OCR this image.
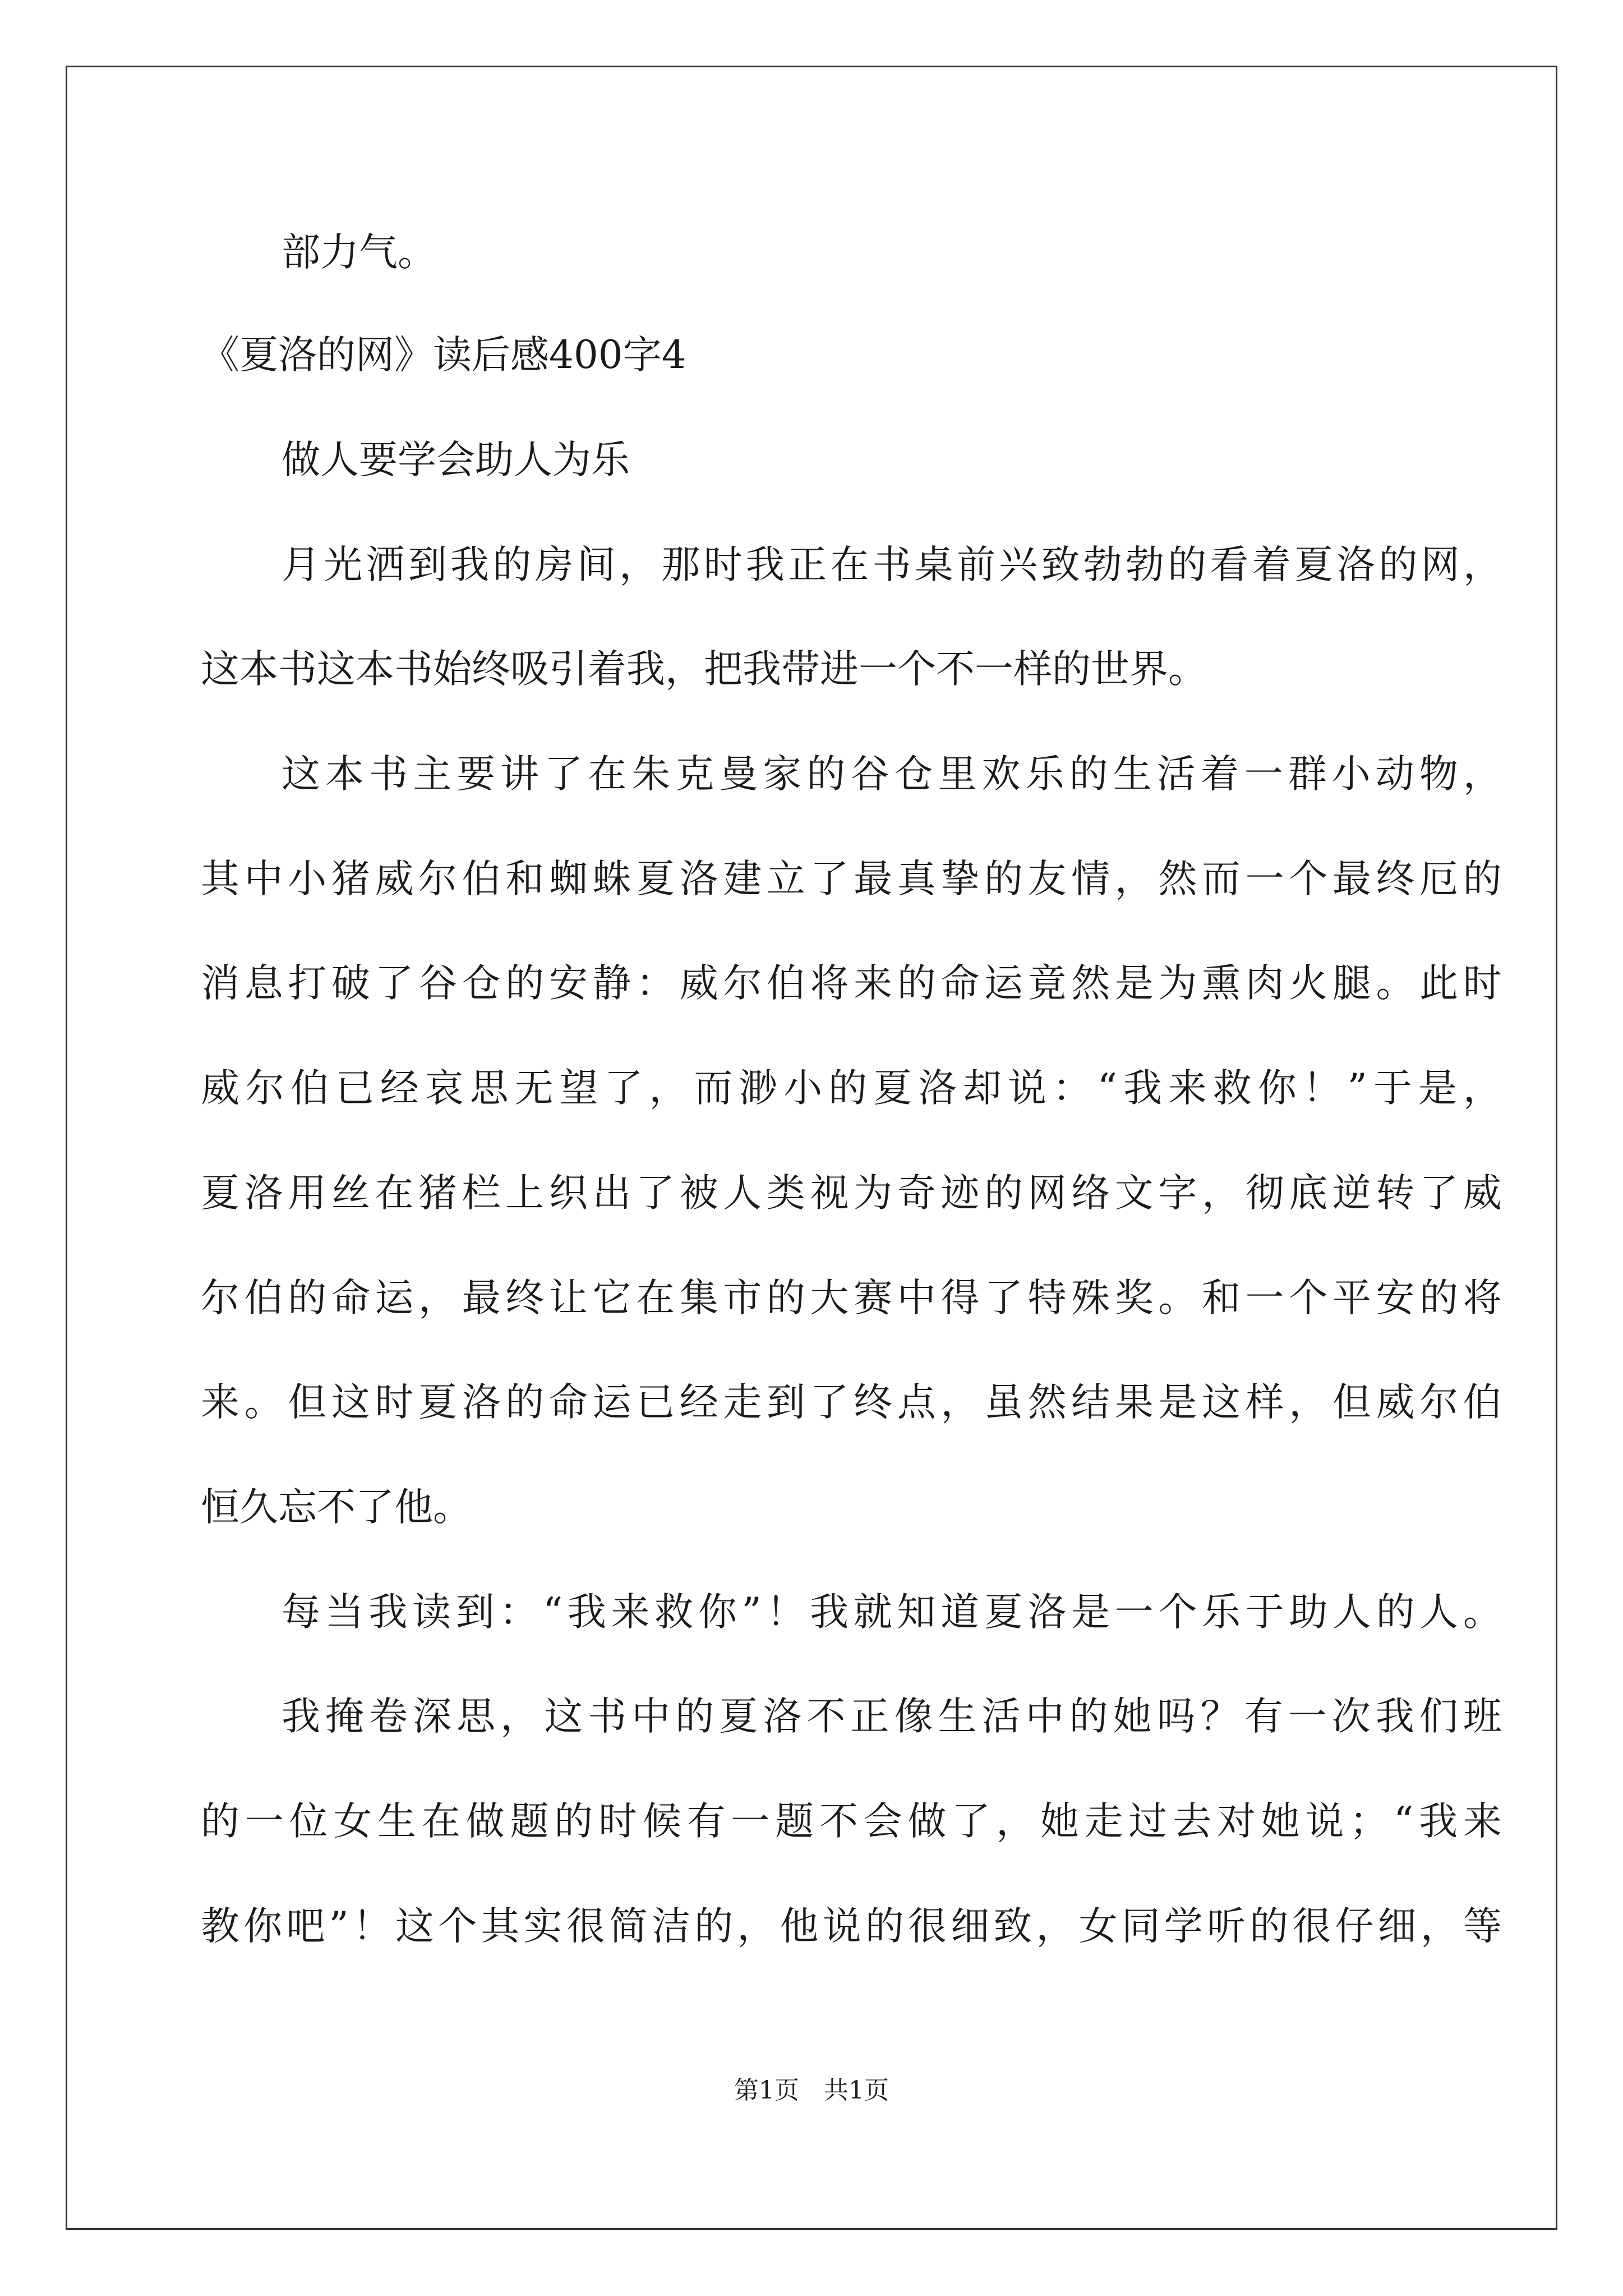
部力气。
《夏洛的网》读后感400字4
做人要学会助人为乐
月 光 洒 到 我 的 房 间 ， 那 时 我 正 在 书 桌 前 兴 致 勃 勃 的 看 着 夏 洛 的 网 ，
这本书这本书始终吸引着我，把我带进一个不一样的世界。
这 本 书 主 要 讲 了 在 朱 克 曼 家 的 谷 仓 里 欢 乐 的 生 活 着 一 群 小 动 物 ，
其 中 小 猪 威 尔 伯 和 蜘 蛛 夏 洛 建 立 了 最 真 挚 的 友 情 ， 然 而 一 个 最 终 厄 的
消 息 打 破 了 谷 仓 的 安 静 ： 威 尔 伯 将 来 的 命 运 竟 然 是 为 熏 肉 火 腿 。 此 时
威 尔 伯 已 经 哀 思 无 望 了 ， 而 渺 小 的 夏 洛 却 说 ： “ 我 来 救 你 ！ ” 于 是 ，
夏 洛 用 丝 在 猪 栏 上 织 出 了 被 人 类 视 为 奇 迹 的 网 络 文 字 ， 彻 底 逆 转 了 威
尔 伯 的 命 运 ， 最 终 让 它 在 集 市 的 大 赛 中 得 了 特 殊 奖 。 和 一 个 平 安 的 将
来 。 但 这 时 夏 洛 的 命 运 已 经 走 到 了 终 点 ， 虽 然 结 果 是 这 样 ， 但 威 尔 伯
恒久忘不了他。
每 当 我 读 到 ： “ 我 来 救 你 ” ！ 我 就 知 道 夏 洛 是 一 个 乐 于 助 人 的 人 。
我 掩 卷 深 思 ， 这 书 中 的 夏 洛 不 正 像 生 活 中 的 她 吗 ？ 有 一 次 我 们 班
的 一 位 女 生 在 做 题 的 时 候 有 一 题 不 会 做 了 ， 她 走 过 去 对 她 说 ； “ 我 来
教 你 吧 ” ！ 这 个 其 实 很 简 洁 的 ， 他 说 的 很 细 致 ， 女 同 学 听 的 很 仔 细 ， 等
第1页　共1页
